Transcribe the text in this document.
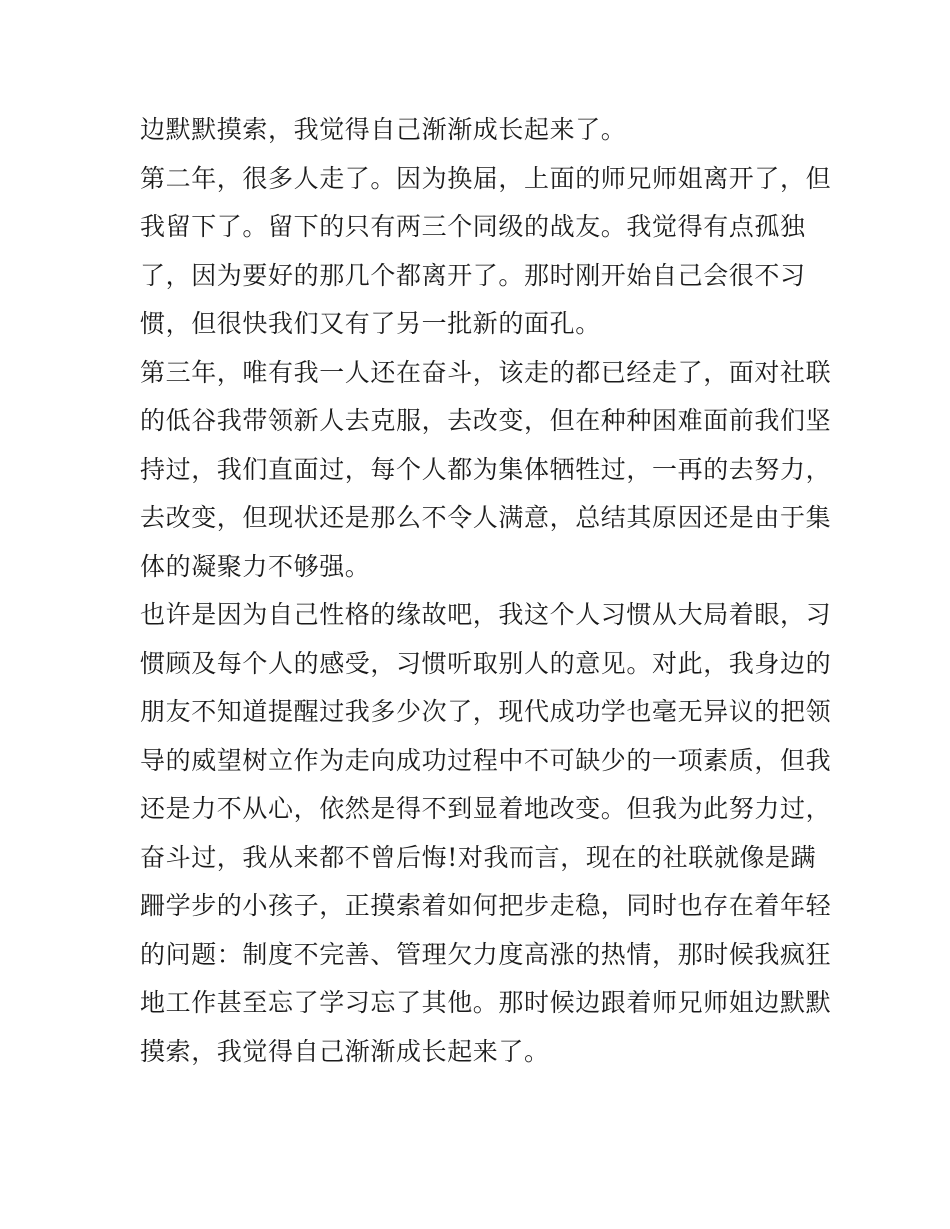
边默默摸索，我觉得自己渐渐成长起来了。

第二年，很多人走了。因为换届，上面的师兄师姐离开了，但
我留下了。留下的只有两三个同级的战友。我觉得有点孤独
了，因为要好的那几个都离开了。那时刚开始自己会很不习
惯，但很快我们又有了另一批新的面孔。

第三年，唯有我一人还在奋斗，该走的都已经走了，面对社联
的低谷我带领新人去克服，去改变，但在种种困难面前我们坚
持过，我们直面过，每个人都为集体牺牲过，一再的去努力，
去改变，但现状还是那么不令人满意，总结其原因还是由于集
体的凝聚力不够强。

也许是因为自己性格的缘故吧，我这个人习惯从大局着眼，习
惯顾及每个人的感受，习惯听取别人的意见。对此，我身边的
朋友不知道提醒过我多少次了，现代成功学也毫无异议的把领
导的威望树立作为走向成功过程中不可缺少的一项素质，但我
还是力不从心，依然是得不到显着地改变。但我为此努力过，
奋斗过，我从来都不曾后悔!对我而言，现在的社联就像是蹒
跚学步的小孩子，正摸索着如何把步走稳，同时也存在着年轻
的问题：制度不完善、管理欠力度高涨的热情，那时候我疯狂
地工作甚至忘了学习忘了其他。那时候边跟着师兄师姐边默默
摸索，我觉得自己渐渐成长起来了。
